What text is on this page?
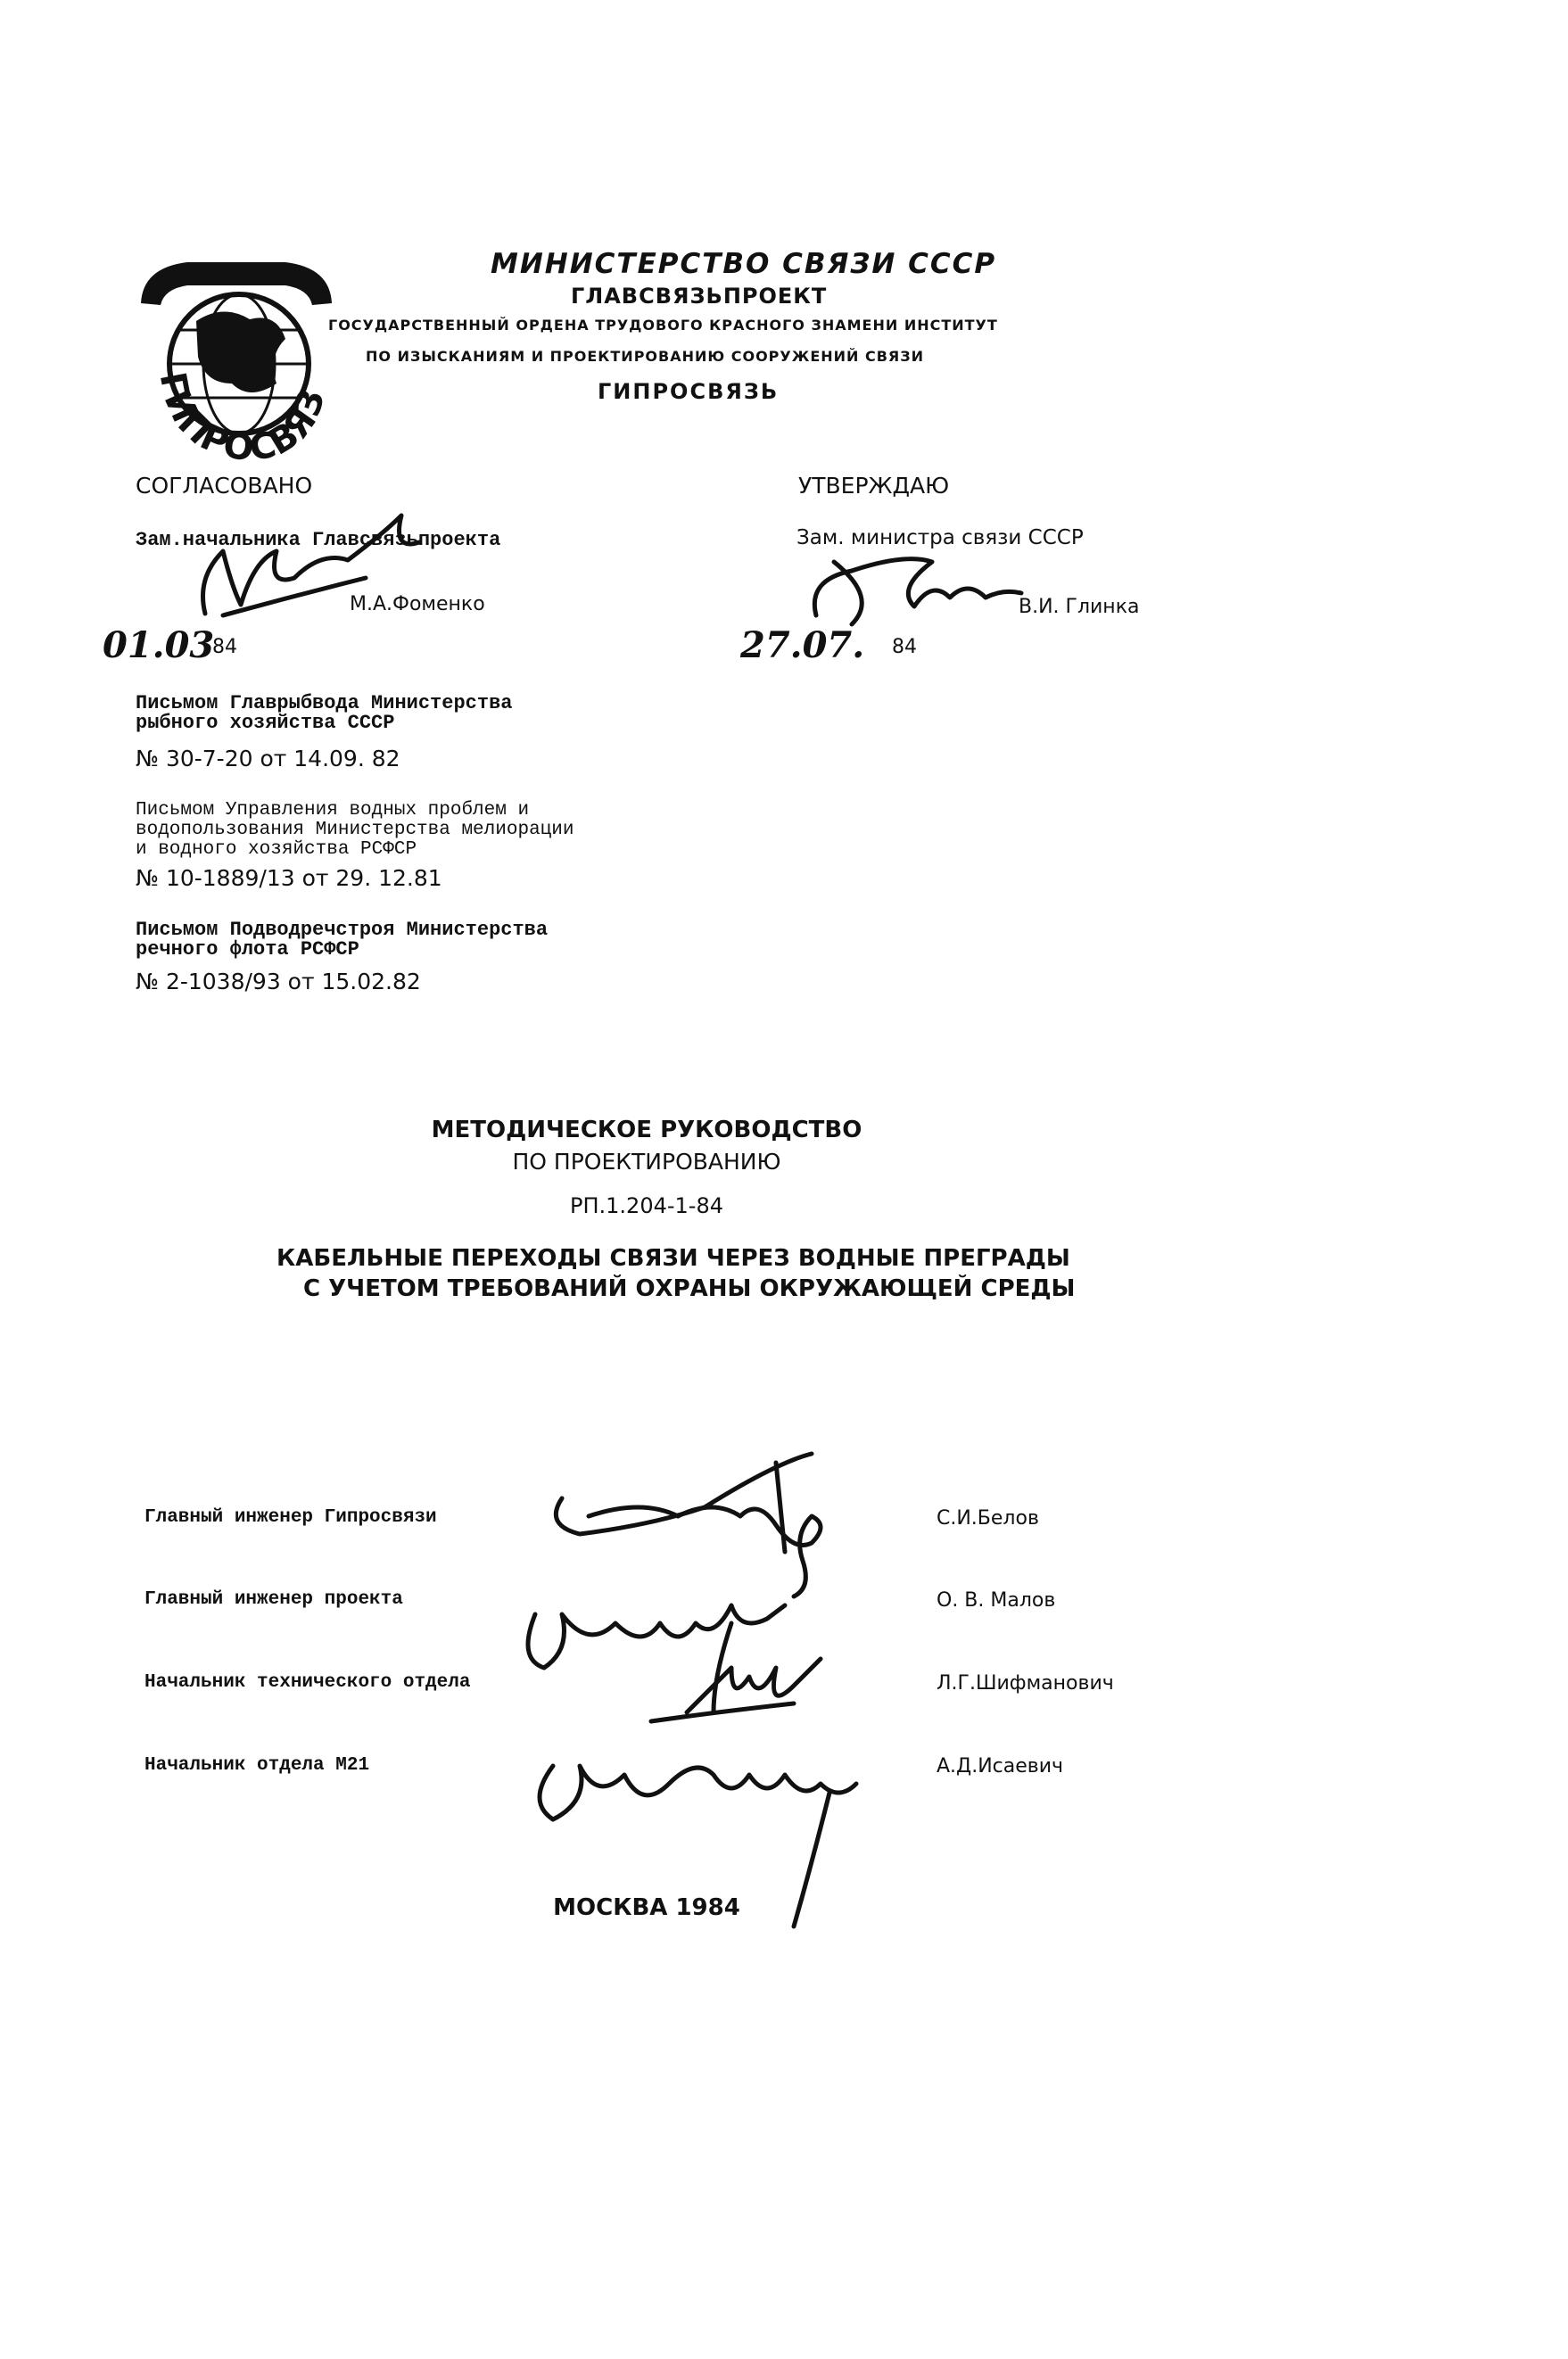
ГИПРОСВЯЗ
МИНИСТЕРСТВО СВЯЗИ СССР
ГЛАВСВЯЗЬПРОЕКТ
ГОСУДАРСТВЕННЫЙ ОРДЕНА ТРУДОВОГО КРАСНОГО ЗНАМЕНИ ИНСТИТУТ
ПО ИЗЫСКАНИЯМ И ПРОЕКТИРОВАНИЮ СООРУЖЕНИЙ СВЯЗИ
ГИПРОСВЯЗЬ
СОГЛАСОВАНО
Зам.начальника Главсвязьпроекта
М.А.Фоменко
01.03
84
УТВЕРЖДАЮ
Зам. министра связи СССР
В.И. Глинка
27.07. 84
Письмом Главрыбвода Министерства
рыбного хозяйства СССР
№ 30-7-20 от 14.09. 82
Письмом Управления водных проблем и
водопользования Министерства мелиорации
и водного хозяйства РСФСР
№ 10-1889/13 от 29. 12.81
Письмом Подводречстроя Министерства
речного флота РСФСР
№ 2-1038/93 от 15.02.82
МЕТОДИЧЕСКОЕ РУКОВОДСТВО
ПО ПРОЕКТИРОВАНИЮ
РП.1.204-1-84
КАБЕЛЬНЫЕ ПЕРЕХОДЫ СВЯЗИ ЧЕРЕЗ ВОДНЫЕ ПРЕГРАДЫ
С УЧЕТОМ ТРЕБОВАНИЙ ОХРАНЫ ОКРУЖАЮЩЕЙ СРЕДЫ
Главный инженер Гипросвязи	С.И.Белов
Главный инженер проекта	О. В. Малов
Начальник технического отдела	Л.Г.Шифманович
Начальник отдела М21	А.Д.Исаевич
МОСКВА 1984
